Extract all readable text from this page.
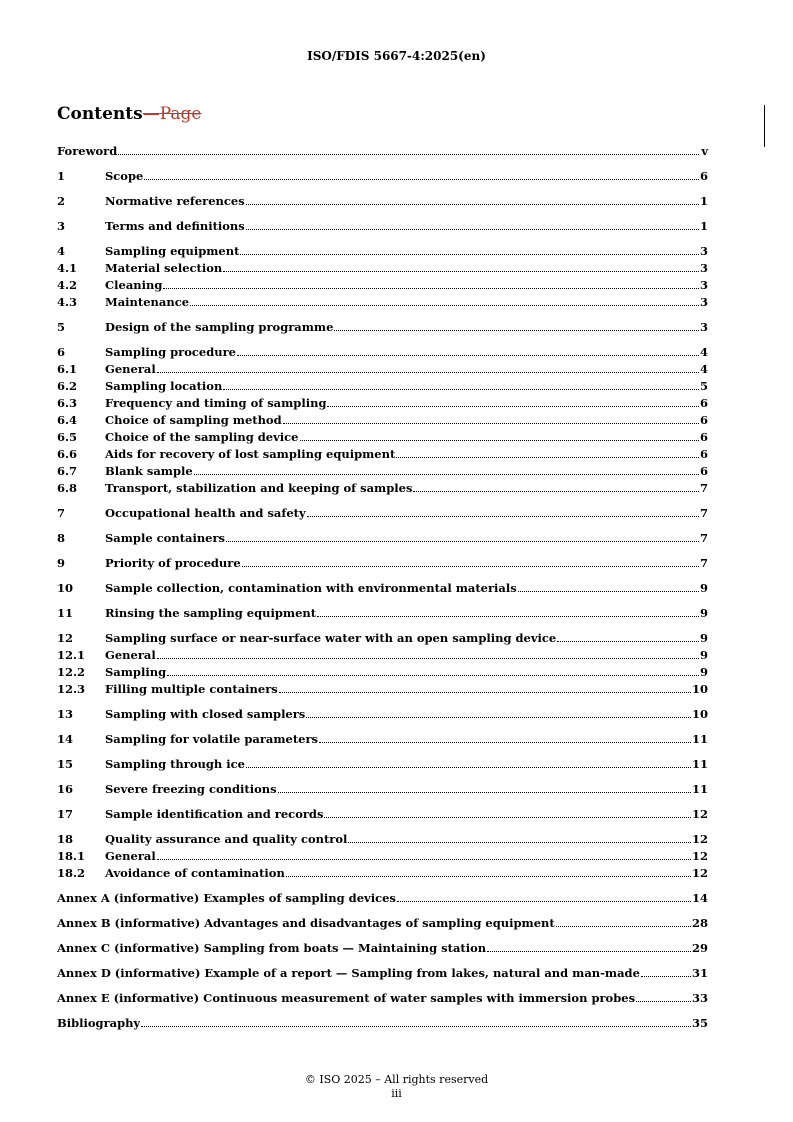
ISO/FDIS 5667-4:2025(en)
Contents—Page
Foreword	v
1	Scope	6
2	Normative references	1
3	Terms and definitions	1
4	Sampling equipment	3
4.1	Material selection	3
4.2	Cleaning	3
4.3	Maintenance	3
5	Design of the sampling programme	3
6	Sampling procedure	4
6.1	General	4
6.2	Sampling location	5
6.3	Frequency and timing of sampling	6
6.4	Choice of sampling method	6
6.5	Choice of the sampling device	6
6.6	Aids for recovery of lost sampling equipment	6
6.7	Blank sample	6
6.8	Transport, stabilization and keeping of samples	7
7	Occupational health and safety	7
8	Sample containers	7
9	Priority of procedure	7
10	Sample collection, contamination with environmental materials	9
11	Rinsing the sampling equipment	9
12	Sampling surface or near-surface water with an open sampling device	9
12.1	General	9
12.2	Sampling	9
12.3	Filling multiple containers	10
13	Sampling with closed samplers	10
14	Sampling for volatile parameters	11
15	Sampling through ice	11
16	Severe freezing conditions	11
17	Sample identification and records	12
18	Quality assurance and quality control	12
18.1	General	12
18.2	Avoidance of contamination	12
Annex A (informative) Examples of sampling devices	14
Annex B (informative) Advantages and disadvantages of sampling equipment	28
Annex C (informative) Sampling from boats — Maintaining station	29
Annex D (informative) Example of a report — Sampling from lakes, natural and man-made	31
Annex E (informative) Continuous measurement of water samples with immersion probes	33
Bibliography	35
© ISO 2025 – All rights reserved
iii
